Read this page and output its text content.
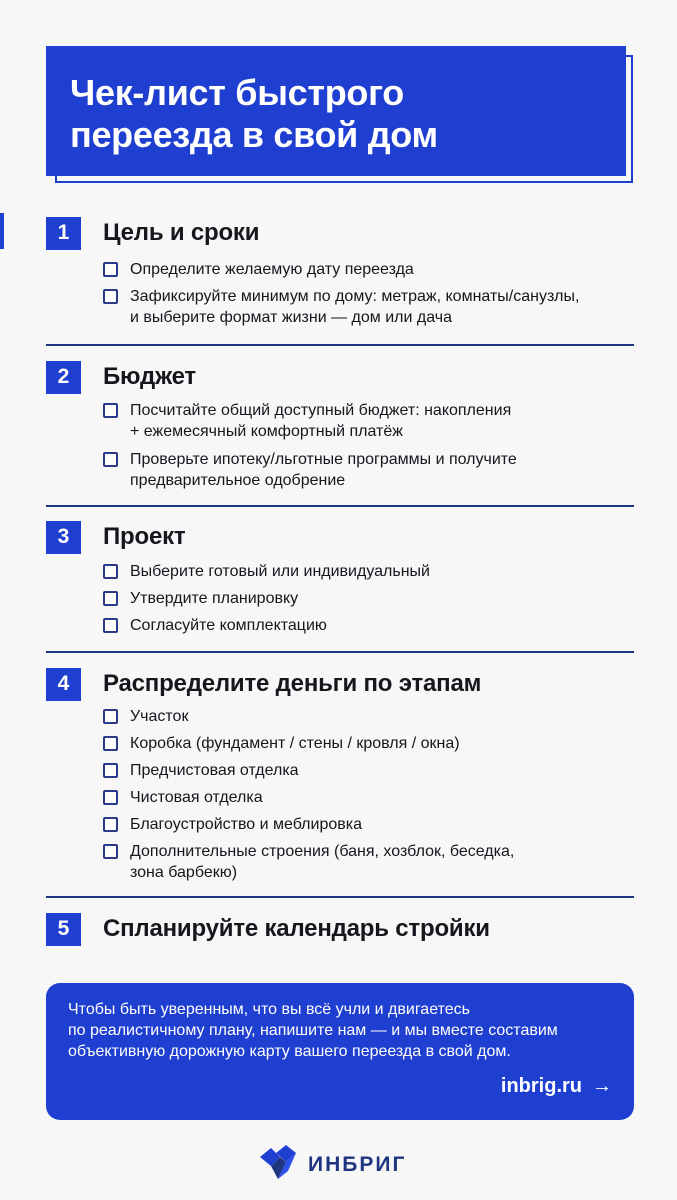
Чек-лист быстрого
переезда в свой дом
1	Цель и сроки
Определите желаемую дату переезда
Зафиксируйте минимум по дому: метраж, комнаты/санузлы,
и выберите формат жизни — дом или дача
2	Бюджет
Посчитайте общий доступный бюджет: накопления
+ ежемесячный комфортный платёж
Проверьте ипотеку/льготные программы и получите
предварительное одобрение
3	Проект
Выберите готовый или индивидуальный
Утвердите планировку
Согласуйте комплектацию
4	Распределите деньги по этапам
Участок
Коробка (фундамент / стены / кровля / окна)
Предчистовая отделка
Чистовая отделка
Благоустройство и меблировка
Дополнительные строения (баня, хозблок, беседка,
зона барбекю)
5	Спланируйте календарь стройки
Чтобы быть уверенным, что вы всё учли и двигаетесь
по реалистичному плану, напишите нам — и мы вместе составим
объективную дорожную карту вашего переезда в свой дом.
inbrig.ru →
ИНБРИГ
